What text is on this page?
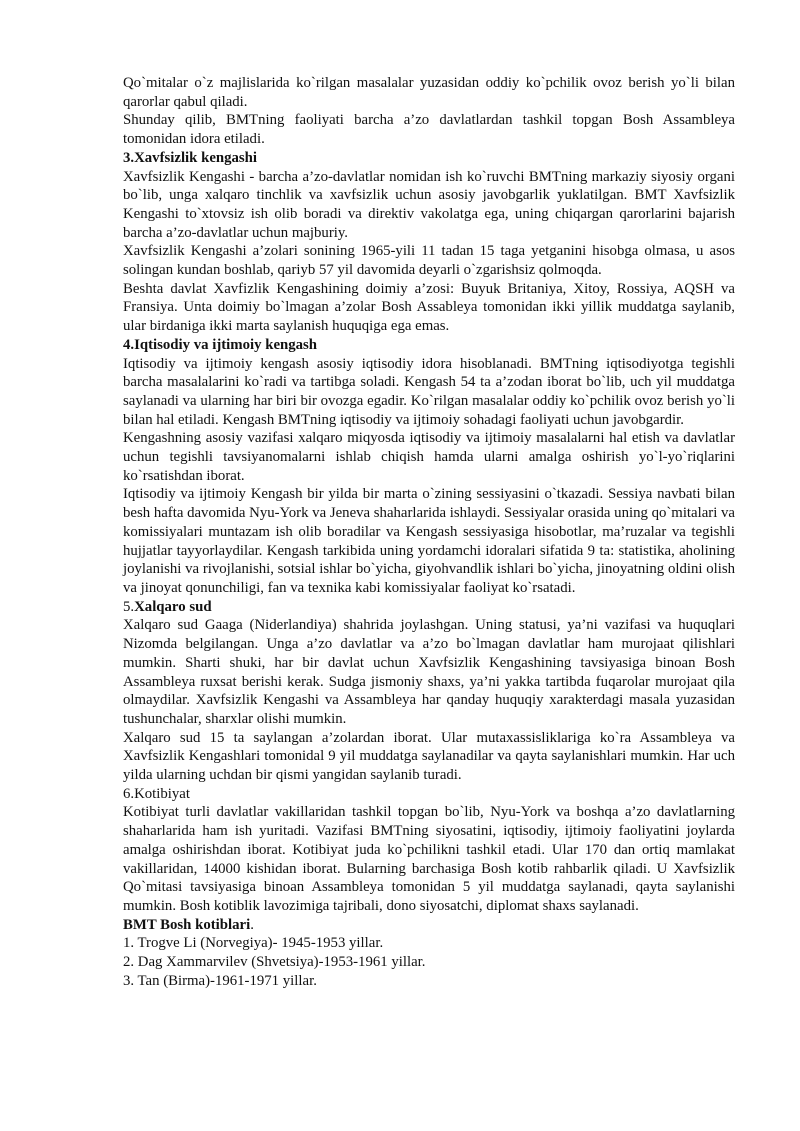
Qo`mitalar o`z majlislarida ko`rilgan masalalar yuzasidan oddiy ko`pchilik ovoz berish yo`li bilan qarorlar qabul qiladi.

Shunday qilib, BMTning faoliyati barcha a’zo davlatlardan tashkil topgan Bosh Assambleya tomonidan idora etiladi.

3.Xavfsizlik kengashi

Xavfsizlik Kengashi - barcha a’zo-davlatlar nomidan ish ko`ruvchi BMTning markaziy siyosiy organi bo`lib, unga xalqaro tinchlik va xavfsizlik uchun asosiy javobgarlik yuklatilgan. BMT Xavfsizlik Kengashi to`xtovsiz ish olib boradi va direktiv vakolatga ega, uning chiqargan qarorlarini bajarish barcha a’zo-davlatlar uchun majburiy.

Xavfsizlik Kengashi a’zolari sonining 1965-yili 11 tadan 15 taga yetganini hisobga olmasa, u asos solingan kundan boshlab, qariyb 57 yil davomida deyarli o`zgarishsiz qolmoqda.

Beshta davlat Xavfizlik Kengashining doimiy a’zosi: Buyuk Britaniya, Xitoy, Rossiya, AQSH va Fransiya. Unta doimiy bo`lmagan a’zolar Bosh Assableya tomonidan ikki yillik muddatga saylanib, ular birdaniga ikki marta saylanish huquqiga ega emas.

4.Iqtisodiy va ijtimoiy kengash

Iqtisodiy va ijtimoiy kengash asosiy iqtisodiy idora hisoblanadi. BMTning iqtisodiyotga tegishli barcha masalalarini ko`radi va tartibga soladi. Kengash 54 ta a’zodan iborat bo`lib, uch yil muddatga saylanadi va ularning har biri bir ovozga egadir. Ko`rilgan masalalar oddiy ko`pchilik ovoz berish yo`li bilan hal etiladi. Kengash BMTning iqtisodiy va ijtimoiy sohadagi faoliyati uchun javobgardir.

Kengashning asosiy vazifasi xalqaro miqyosda iqtisodiy va ijtimoiy masalalarni hal etish va davlatlar uchun tegishli tavsiyanomalarni ishlab chiqish hamda ularni amalga oshirish yo`l-yo`riqlarini ko`rsatishdan iborat.

Iqtisodiy va ijtimoiy Kengash bir yilda bir marta o`zining sessiyasini o`tkazadi. Sessiya navbati bilan besh hafta davomida Nyu-York va Jeneva shaharlarida ishlaydi. Sessiyalar orasida uning qo`mitalari va komissiyalari muntazam ish olib boradilar va Kengash sessiyasiga hisobotlar, ma’ruzalar va tegishli hujjatlar tayyorlaydilar. Kengash tarkibida uning yordamchi idoralari sifatida 9 ta: statistika, aholining joylanishi va rivojlanishi, sotsial ishlar bo`yicha, giyohvandlik ishlari bo`yicha, jinoyatning oldini olish va jinoyat qonunchiligi, fan va texnika kabi komissiyalar faoliyat ko`rsatadi.

5.Xalqaro sud

Xalqaro sud Gaaga (Niderlandiya) shahrida joylashgan. Uning statusi, ya’ni vazifasi va huquqlari Nizomda belgilangan. Unga a’zo davlatlar va a’zo bo`lmagan davlatlar ham murojaat qilishlari mumkin. Sharti shuki, har bir davlat uchun Xavfsizlik Kengashining tavsiyasiga binoan Bosh Assambleya ruxsat berishi kerak. Sudga jismoniy shaxs, ya’ni yakka tartibda fuqarolar murojaat qila olmaydilar. Xavfsizlik Kengashi va Assambleya har qanday huquqiy xarakterdagi masala yuzasidan tushunchalar, sharxlar olishi mumkin.

Xalqaro sud 15 ta saylangan a’zolardan iborat. Ular mutaxassisliklariga ko`ra Assambleya va Xavfsizlik Kengashlari tomonidal 9 yil muddatga saylanadilar va qayta saylanishlari mumkin. Har uch yilda ularning uchdan bir qismi yangidan saylanib turadi.

6.Kotibiyat

Kotibiyat turli davlatlar vakillaridan tashkil topgan bo`lib, Nyu-York va boshqa a’zo davlatlarning shaharlarida ham ish yuritadi. Vazifasi BMTning siyosatini, iqtisodiy, ijtimoiy faoliyatini joylarda amalga oshirishdan iborat. Kotibiyat juda ko`pchilikni tashkil etadi. Ular 170 dan ortiq mamlakat vakillaridan, 14000 kishidan iborat. Bularning barchasiga Bosh kotib rahbarlik qiladi. U Xavfsizlik Qo`mitasi tavsiyasiga binoan Assambleya tomonidan 5 yil muddatga saylanadi, qayta saylanishi mumkin. Bosh kotiblik lavozimiga tajribali, dono siyosatchi, diplomat shaxs saylanadi.

BMT Bosh kotiblari.
1. Trogve Li (Norvegiya)- 1945-1953 yillar.
2. Dag Xammarvilev (Shvetsiya)-1953-1961 yillar.
3. Tan (Birma)-1961-1971 yillar.
